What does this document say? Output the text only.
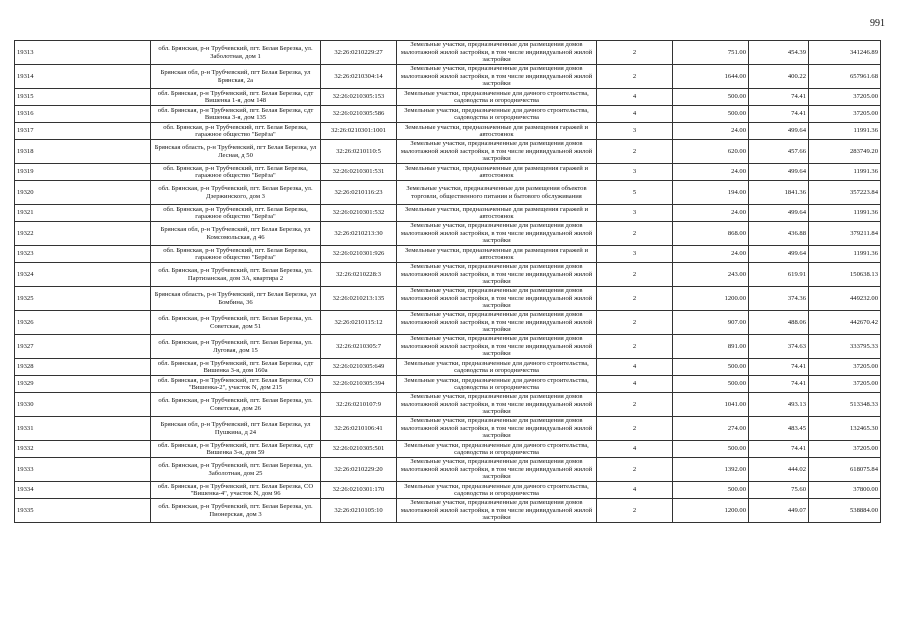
991
19313	обл. Брянская, р-н Трубчевский, пгт. Белая Березка, ул. Заболотная, дом 1	32:26:0210229:27	Земельные участки, предназначенные для размещения домов малоэтажной жилой застройки, в том числе индивидуальной жилой застройки	2	751.00	454.39	341246.89
19314	Брянская обл, р-н Трубчевский, пгт Белая Березка, ул Брянская, 2а	32:26:0210304:14	Земельные участки, предназначенные для размещения домов малоэтажной жилой застройки, в том числе индивидуальной жилой застройки	2	1644.00	400.22	657961.68
19315	обл. Брянская, р-н Трубчевский, пгт. Белая Березка, сдт Вишенка 1-я, дом 148	32:26:0210305:153	Земельные участки, предназначенные для дачного строительства, садоводства и огородничества	4	500.00	74.41	37205.00
19316	обл. Брянская, р-н Трубчевский, пгт. Белая Березка, сдт Вишенка 3-я, дом 135	32:26:0210305:586	Земельные участки, предназначенные для дачного строительства, садоводства и огородничества	4	500.00	74.41	37205.00
19317	обл. Брянская, р-н Трубчевский, пгт. Белая Березка, гаражное общество "Берёза"	32:26:0210301:1001	Земельные участки, предназначенные для размещения гаражей и автостоянок	3	24.00	499.64	11991.36
19318	Брянская область, р-н Трубчевский, пгт Белая Березка, ул Лесная, д 50	32:26:0210110:5	Земельные участки, предназначенные для размещения домов малоэтажной жилой застройки, в том числе индивидуальной жилой застройки	2	620.00	457.66	283749.20
19319	обл. Брянская, р-н Трубчевский, пгт. Белая Березка, гаражное общество "Берёза"	32:26:0210301:531	Земельные участки, предназначенные для размещения гаражей и автостоянок	3	24.00	499.64	11991.36
19320	обл. Брянская, р-н Трубчевский, пгт. Белая Березка, ул. Дзержинского, дом 3	32:26:0210116:23	Земельные участки, предназначенные для размещения объектов торговли, общественного питания и бытового обслуживания	5	194.00	1841.36	357223.84
19321	обл. Брянская, р-н Трубчевский, пгт. Белая Березка, гаражное общество "Берёза"	32:26:0210301:532	Земельные участки, предназначенные для размещения гаражей и автостоянок	3	24.00	499.64	11991.36
19322	Брянская обл, р-н Трубчевский, пгт Белая Березка, ул Комсомольская, д 46	32:26:0210213:30	Земельные участки, предназначенные для размещения домов малоэтажной жилой застройки, в том числе индивидуальной жилой застройки	2	868.00	436.88	379211.84
19323	обл. Брянская, р-н Трубчевский, пгт. Белая Березка, гаражное общество "Берёза"	32:26:0210301:926	Земельные участки, предназначенные для размещения гаражей и автостоянок	3	24.00	499.64	11991.36
19324	обл. Брянская, р-н Трубчевский, пгт. Белая Березка, ул. Партизанская, дом 3А, квартира 2	32:26:0210228:3	Земельные участки, предназначенные для размещения домов малоэтажной жилой застройки, в том числе индивидуальной жилой застройки	2	243.00	619.91	150638.13
19325	Брянская область, р-н Трубчевский, пгт Белая Березка, ул Бомбина, 36	32:26:0210213:135	Земельные участки, предназначенные для размещения домов малоэтажной жилой застройки, в том числе индивидуальной жилой застройки	2	1200.00	374.36	449232.00
19326	обл. Брянская, р-н Трубчевский, пгт. Белая Березка, ул. Советская, дом 51	32:26:0210115:12	Земельные участки, предназначенные для размещения домов малоэтажной жилой застройки, в том числе индивидуальной жилой застройки	2	907.00	488.06	442670.42
19327	обл. Брянская, р-н Трубчевский, пгт. Белая Березка, ул. Луговая, дом 15	32:26:0210305:7	Земельные участки, предназначенные для размещения домов малоэтажной жилой застройки, в том числе индивидуальной жилой застройки	2	891.00	374.63	333795.33
19328	обл. Брянская, р-н Трубчевский, пгт. Белая Березка, сдт Вишенка 3-я, дом 160а	32:26:0210305:649	Земельные участки, предназначенные для дачного строительства, садоводства и огородничества	4	500.00	74.41	37205.00
19329	обл. Брянская, р-н Трубчевский, пгт. Белая Березка, СО "Вишенка-2", участок N, дом 215	32:26:0210305:394	Земельные участки, предназначенные для дачного строительства, садоводства и огородничества	4	500.00	74.41	37205.00
19330	обл. Брянская, р-н Трубчевский, пгт. Белая Березка, ул. Советская, дом 26	32:26:0210107:9	Земельные участки, предназначенные для размещения домов малоэтажной жилой застройки, в том числе индивидуальной жилой застройки	2	1041.00	493.13	513348.33
19331	Брянская обл, р-н Трубчевский, пгт Белая Березка, ул Пушкина, д 24	32:26:0210106:41	Земельные участки, предназначенные для размещения домов малоэтажной жилой застройки, в том числе индивидуальной жилой застройки	2	274.00	483.45	132465.30
19332	обл. Брянская, р-н Трубчевский, пгт. Белая Березка, сдт Вишенка 3-я, дом 59	32:26:0210305:501	Земельные участки, предназначенные для дачного строительства, садоводства и огородничества	4	500.00	74.41	37205.00
19333	обл. Брянская, р-н Трубчевский, пгт. Белая Березка, ул. Заболотная, дом 25	32:26:0210229:20	Земельные участки, предназначенные для размещения домов малоэтажной жилой застройки, в том числе индивидуальной жилой застройки	2	1392.00	444.02	618075.84
19334	обл. Брянская, р-н Трубчевский, пгт. Белая Березка, СО "Вишенка-4", участок N, дом 96	32:26:0210301:170	Земельные участки, предназначенные для дачного строительства, садоводства и огородничества	4	500.00	75.60	37800.00
19335	обл. Брянская, р-н Трубчевский, пгт. Белая Березка, ул. Пионерская, дом 3	32:26:0210105:10	Земельные участки, предназначенные для размещения домов малоэтажной жилой застройки, в том числе индивидуальной жилой застройки	2	1200.00	449.07	538884.00
